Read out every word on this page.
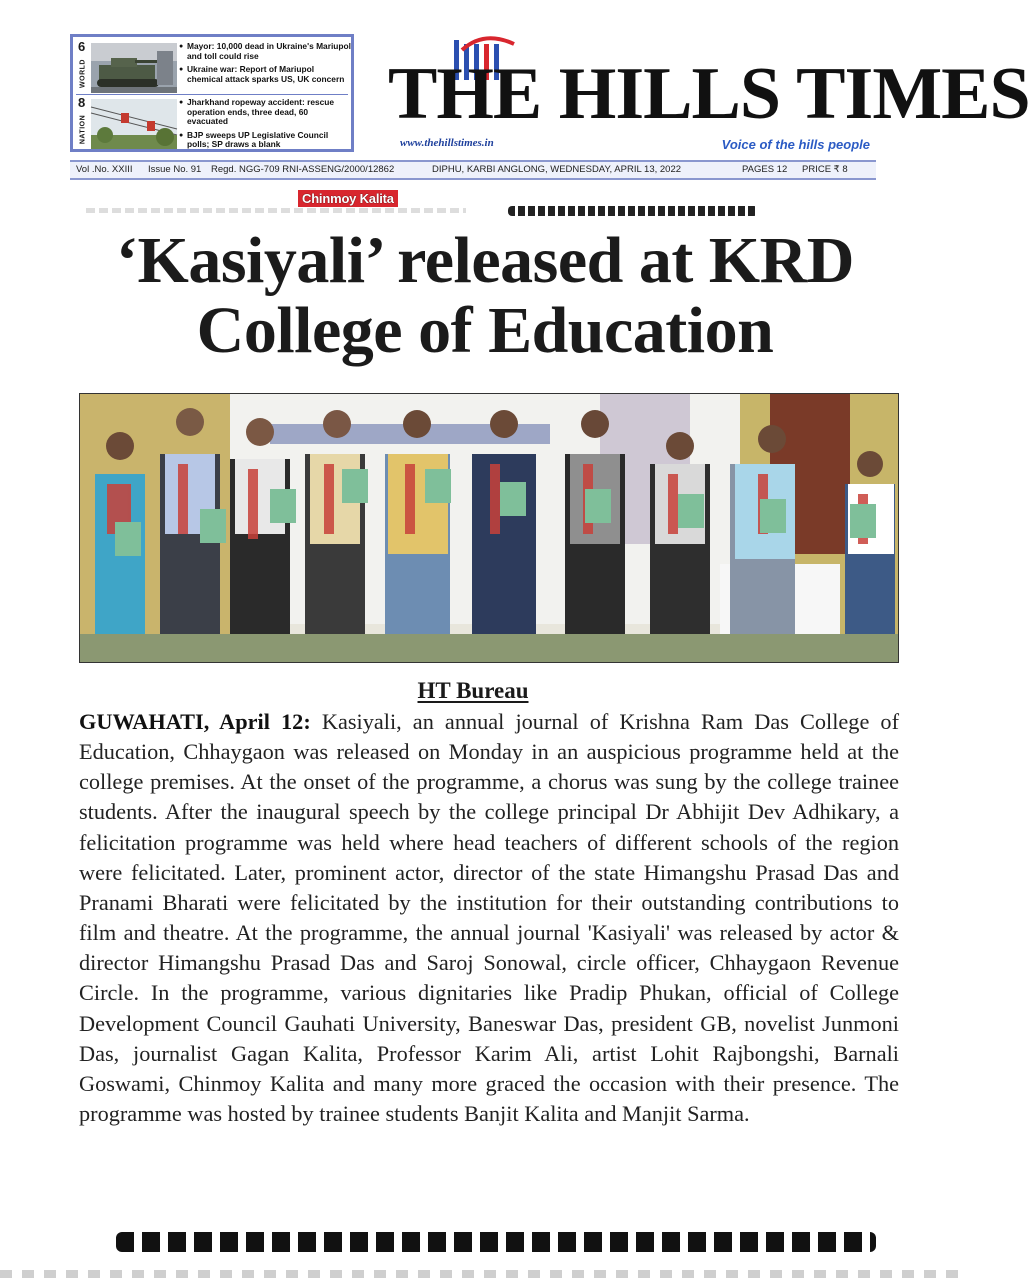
6
WORLD
● Mayor: 10,000 dead in Ukraine's Mariupol and toll could rise
● Ukraine war: Report of Mariupol chemical attack sparks US, UK concern
8
NATION
● Jharkhand ropeway accident: rescue operation ends, three dead, 60 evacuated
● BJP sweeps UP Legislative Council polls; SP draws a blank
THE HILLS TIMES
www.thehillstimes.in	Voice of the hills people
Vol .No. XXIII Issue No. 91 Regd. NGG-709 RNI-ASSENG/2000/12862	DIPHU, KARBI ANGLONG, WEDNESDAY, APRIL 13, 2022	PAGES 12 PRICE ₹ 8
Chinmoy Kalita
‘Kasiyali’ released at KRD College of Education
HT Bureau
GUWAHATI, April 12: Kasiyali, an annual journal of Krishna Ram Das College of Education, Chhaygaon was released on Monday in an auspicious programme held at the college premises. At the onset of the programme, a chorus was sung by the college trainee students. After the inaugural speech by the college principal Dr Abhijit Dev Adhikary, a felicitation programme was held where head teachers of different schools of the region were felicitated. Later, prominent actor, director of the state Himangshu Prasad Das and Pranami Bharati were felicitated by the institution for their outstanding contributions to film and theatre. At the programme, the annual journal 'Kasiyali' was released by actor & director Himangshu Prasad Das and Saroj Sonowal, circle officer, Chhaygaon Revenue Circle. In the programme, various dignitaries like Pradip Phukan, official of College Development Council Gauhati University, Baneswar Das, president GB, novelist Junmoni Das, journalist Gagan Kalita, Professor Karim Ali, artist Lohit Rajbongshi, Barnali Goswami, Chinmoy Kalita and many more graced the occasion with their presence. The programme was hosted by trainee students Banjit Kalita and Manjit Sarma.
